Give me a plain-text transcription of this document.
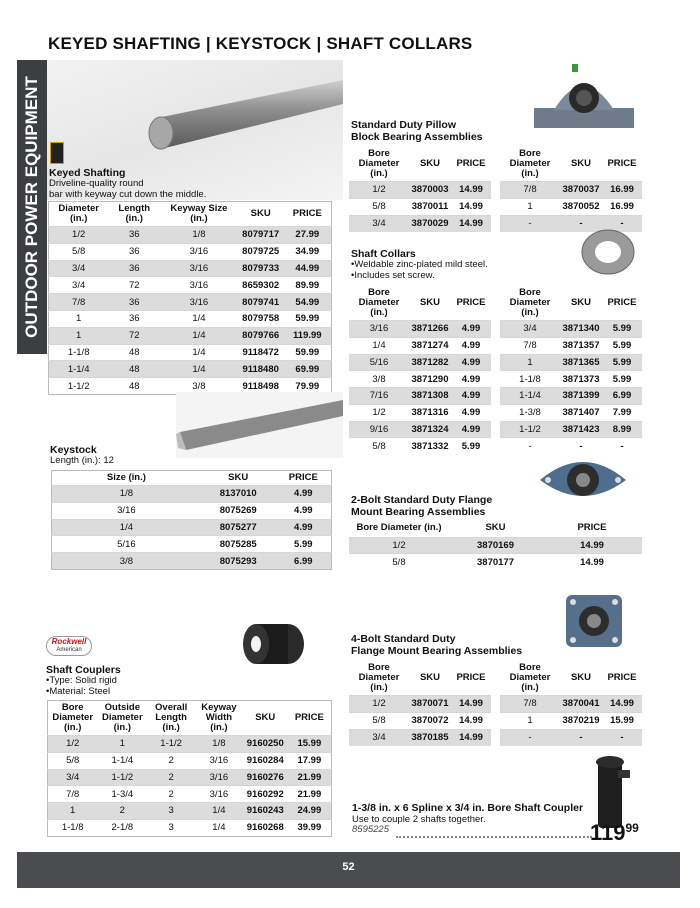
KEYED SHAFTING | KEYSTOCK | SHAFT COLLARS
OUTDOOR POWER EQUIPMENT Keyed Shafting
Driveline-quality round
bar with keyway cut down the middle.
Diameter (in.)	Length (in.)	Keyway Size (in.)	SKU	PRICE
1/2	36	1/8	8079717	27.99
5/8	36	3/16	8079725	34.99
3/4	36	3/16	8079733	44.99
3/4	72	3/16	8659302	89.99
7/8	36	3/16	8079741	54.99
1	36	1/4	8079758	59.99
1	72	1/4	8079766	119.99
1-1/8	48	1/4	9118472	59.99
1-1/4	48	1/4	9118480	69.99
1-1/2	48	3/8	9118498	79.99
Keystock
Length (in.): 12
Size (in.)	SKU	PRICE
1/8	8137010	4.99
3/16	8075269	4.99
1/4	8075277	4.99
5/16	8075285	5.99
3/8	8075293	6.99
Rockwell
American
Shaft Couplers
•Type: Solid rigid
•Material: Steel
Bore Diameter (in.)	Outside Diameter (in.)	Overall Length (in.)	Keyway Width (in.)	SKU	PRICE
1/2	1	1-1/2	1/8	9160250	15.99
5/8	1-1/4	2	3/16	9160284	17.99
3/4	1-1/2	2	3/16	9160276	21.99
7/8	1-3/4	2	3/16	9160292	21.99
1	2	3	1/4	9160243	24.99
1-1/8	2-1/8	3	1/4	9160268	39.99
Standard Duty Pillow
Block Bearing Assemblies
Bore Diameter (in.)	SKU	PRICE
1/2	3870003	14.99
5/8	3870011	14.99
3/4	3870029	14.99
Bore Diameter (in.)	SKU	PRICE
7/8	3870037	16.99
1	3870052	16.99
-	-	-
Shaft Collars
•Weldable zinc-plated mild steel.
•Includes set screw.
Bore Diameter (in.)	SKU	PRICE
3/16	3871266	4.99
1/4	3871274	4.99
5/16	3871282	4.99
3/8	3871290	4.99
7/16	3871308	4.99
1/2	3871316	4.99
9/16	3871324	4.99
5/8	3871332	5.99
Bore Diameter (in.)	SKU	PRICE
3/4	3871340	5.99
7/8	3871357	5.99
1	3871365	5.99
1-1/8	3871373	5.99
1-1/4	3871399	6.99
1-3/8	3871407	7.99
1-1/2	3871423	8.99
-	-	-
2-Bolt Standard Duty Flange
Mount Bearing Assemblies
Bore Diameter (in.)	SKU	PRICE
1/2	3870169	14.99
5/8	3870177	14.99
4-Bolt Standard Duty
Flange Mount Bearing Assemblies
Bore Diameter (in.)	SKU	PRICE
1/2	3870071	14.99
5/8	3870072	14.99
3/4	3870185	14.99
Bore Diameter (in.)	SKU	PRICE
7/8	3870041	14.99
1	3870219	15.99
-	-	-
1-3/8 in. x 6 Spline x 3/4 in. Bore Shaft Coupler
Use to couple 2 shafts together.
8595225	$119^{99}$
52
